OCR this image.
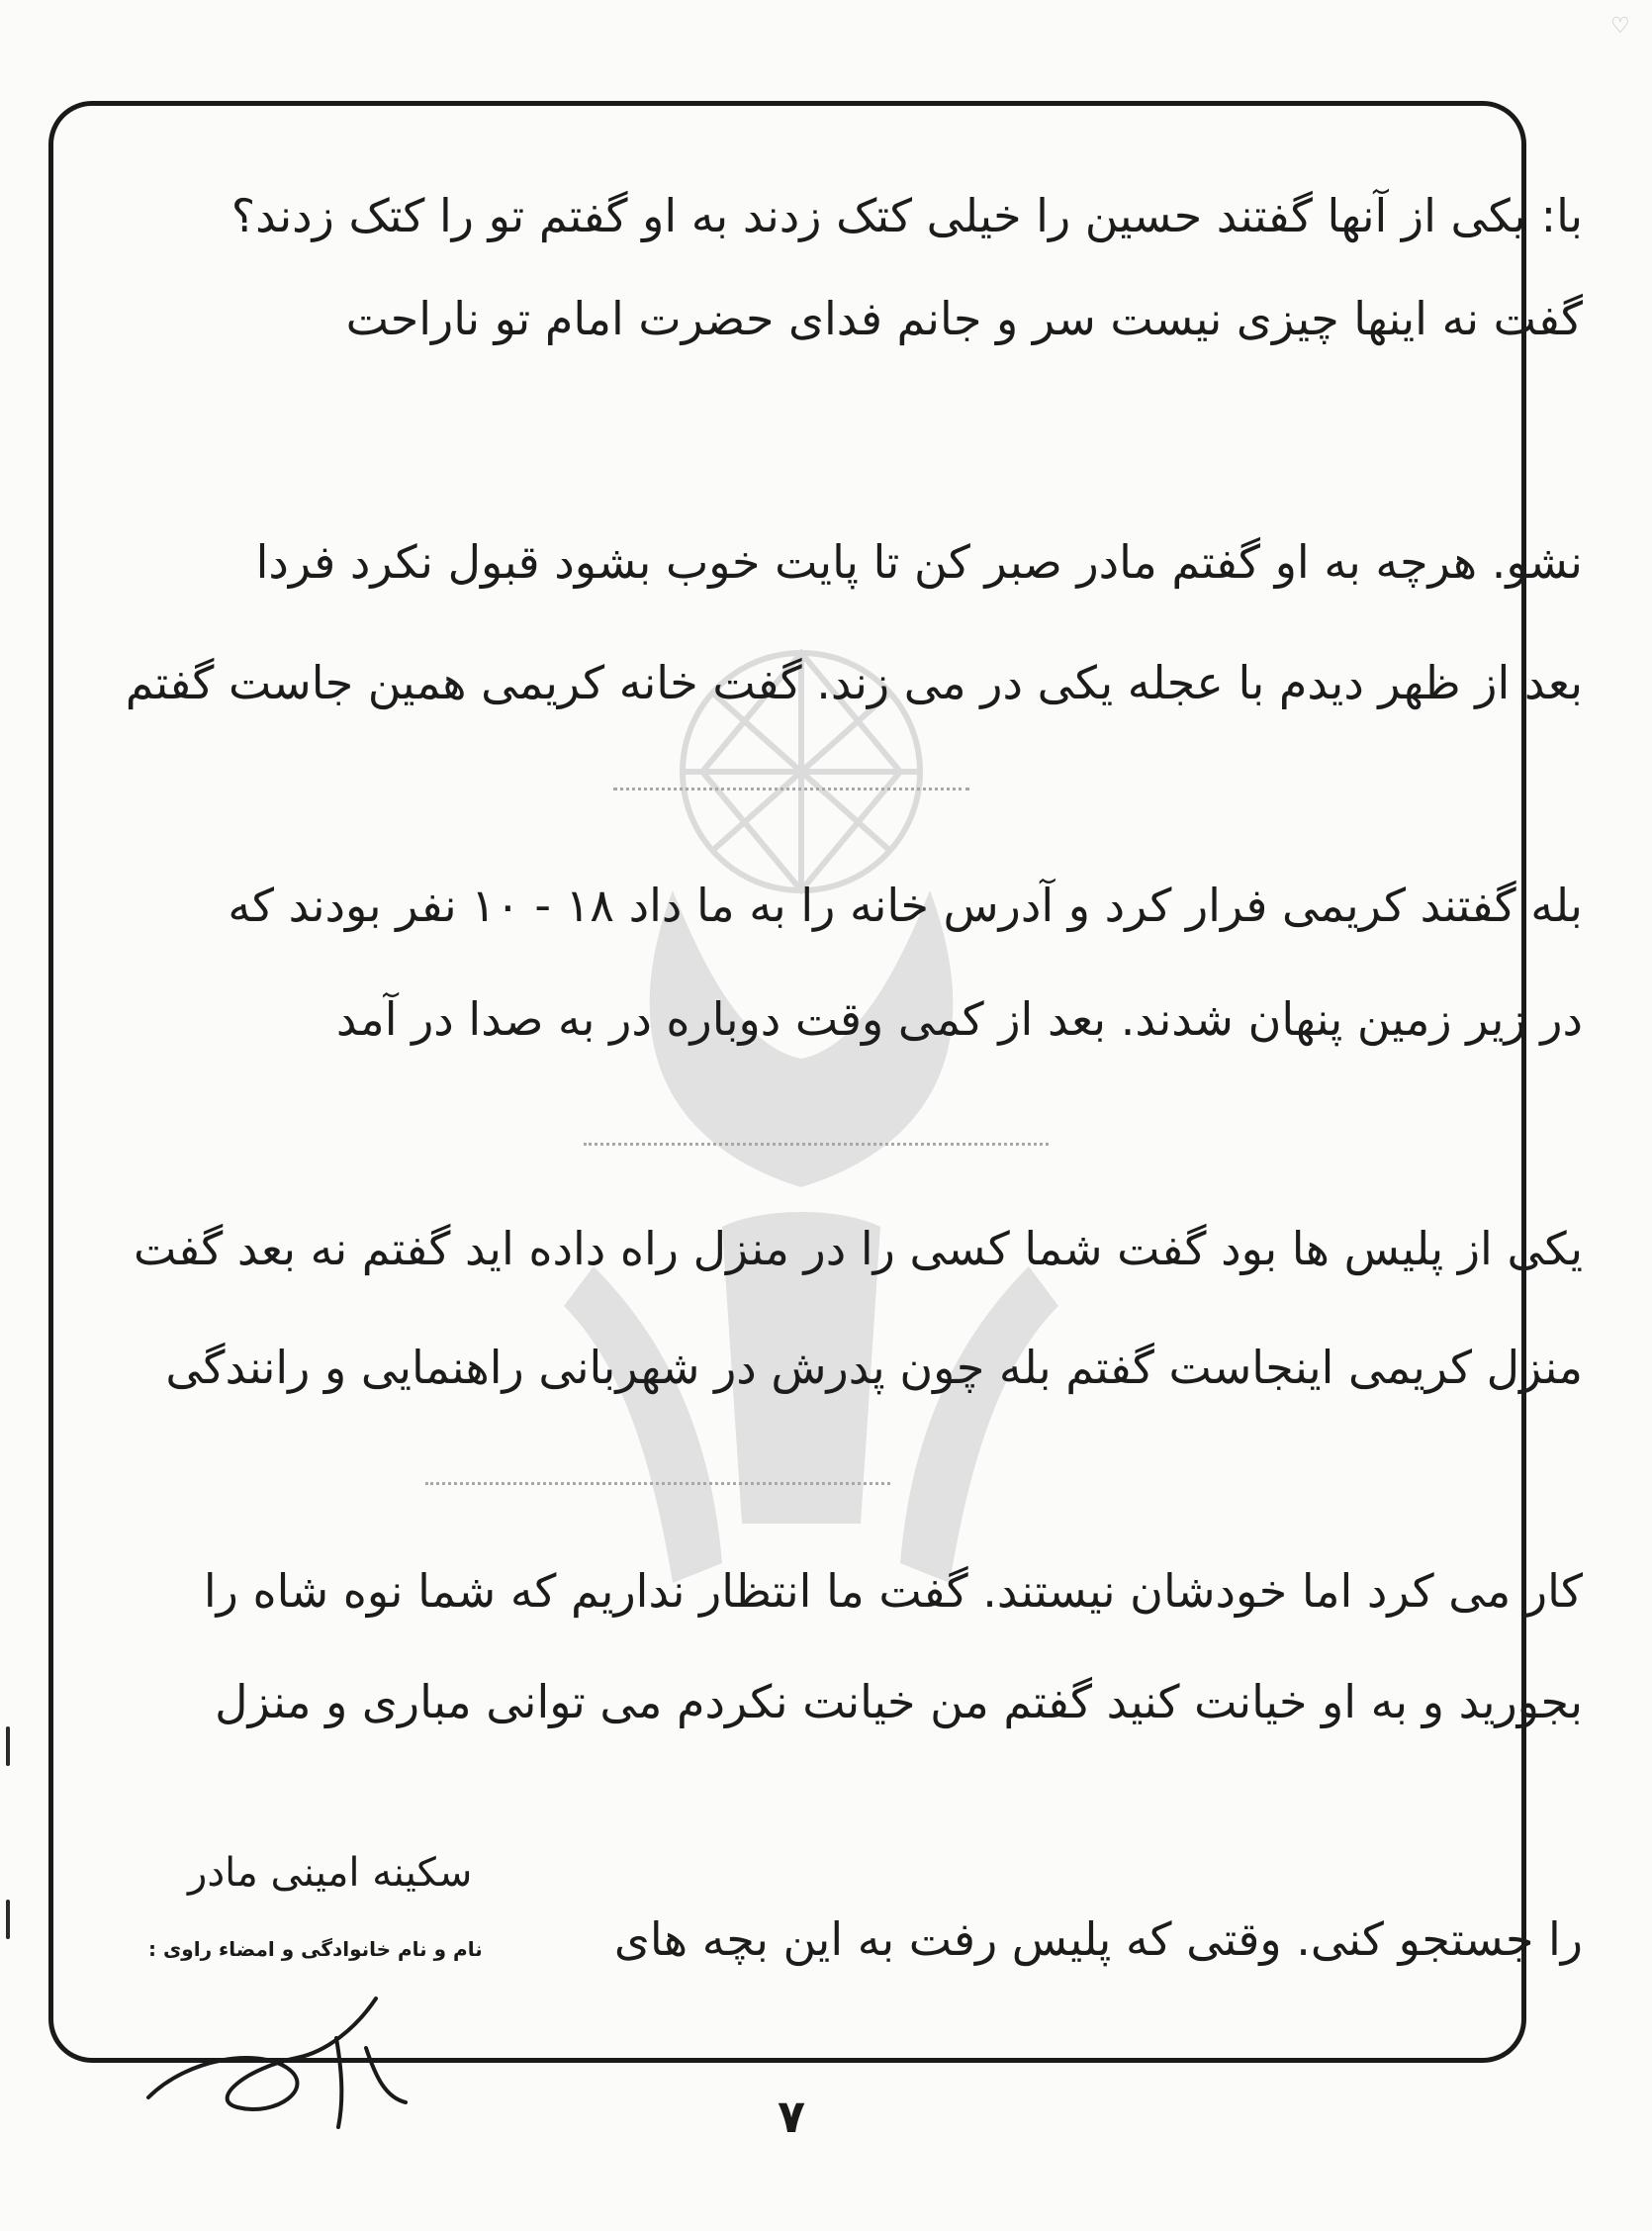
♡
با: یکی از آنها گفتند حسین را خیلی کتک زدند به او گفتم تو را کتک زدند؟
گفت نه اینها چیزی نیست سر و جانم فدای حضرت امام تو ناراحت
نشو. هرچه به او گفتم مادر صبر کن تا پایت خوب بشود قبول نکرد فردا
بعد از ظهر دیدم با عجله یکی در می زند. گفت خانه کریمی همین جاست گفتم
بله گفتند کریمی فرار کرد و آدرس خانه را به ما داد ۱۸ - ۱۰ نفر بودند که
در زیر زمین پنهان شدند. بعد از کمی وقت دوباره در به صدا در آمد
یکی از پلیس ها بود گفت شما کسی را در منزل راه داده اید گفتم نه بعد گفت
منزل کریمی اینجاست گفتم بله چون پدرش در شهربانی راهنمایی و رانندگی
کار می کرد اما خودشان نیستند. گفت ما انتظار نداریم که شما نوه شاه را
بجورید و به او خیانت کنید گفتم من خیانت نکردم می توانی مباری و منزل
را جستجو کنی. وقتی که پلیس رفت به این بچه های
سکینه امینی مادر
نام و نام خانوادگی و امضاء راوی :
۷
